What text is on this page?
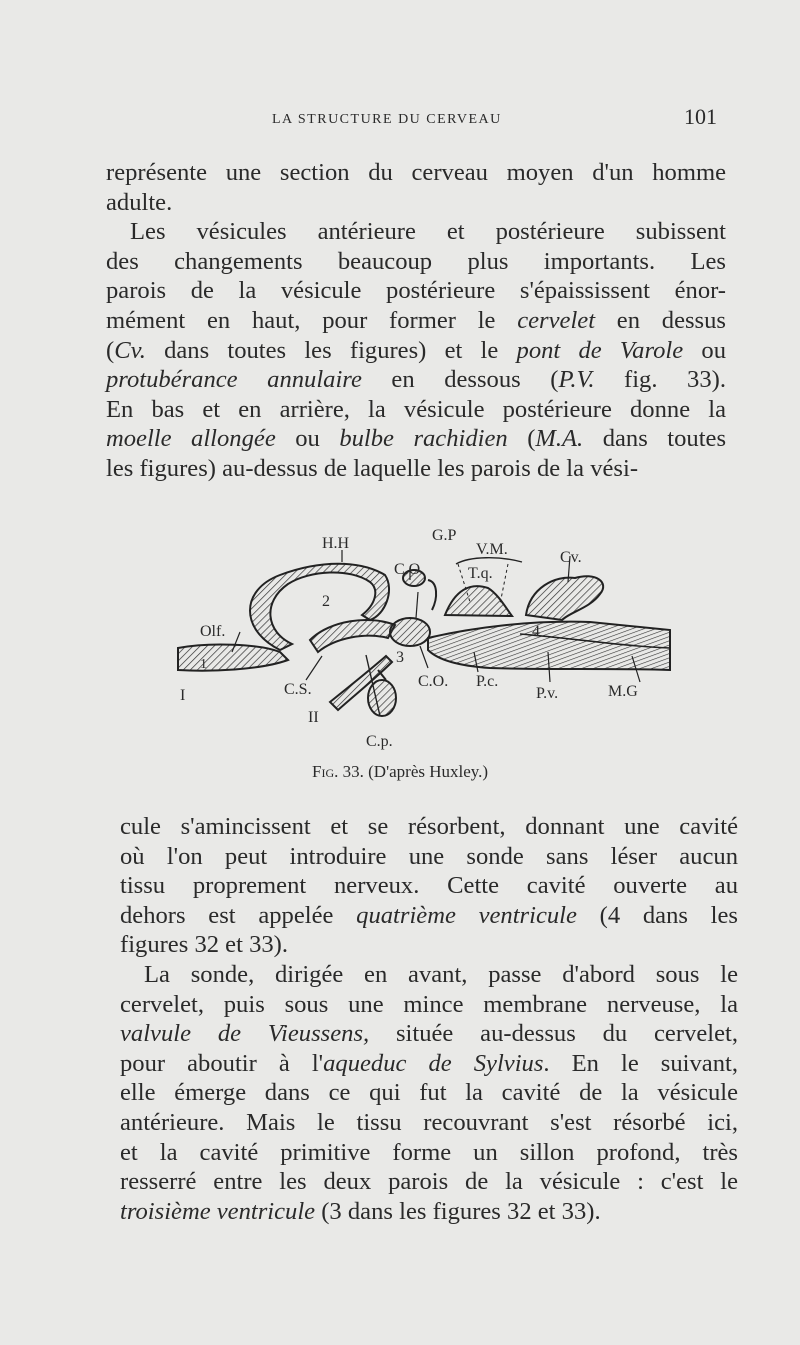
LA STRUCTURE DU CERVEAU	101
représente une section du cerveau moyen d'un homme
adulte.
Les vésicules antérieure et postérieure subissent
des changements beaucoup plus importants. Les
parois de la vésicule postérieure s'épaississent énor-
mément en haut, pour former le cervelet en dessus
(Cv. dans toutes les figures) et le pont de Varole ou
protubérance annulaire en dessous (P.V. fig. 33).
En bas et en arrière, la vésicule postérieure donne la
moelle allongée ou bulbe rachidien (M.A. dans toutes
les figures) au-dessus de laquelle les parois de la vési-
H.H	G.P
V.M.
T.q.
Cv.
C.O.
2
4
Olf.
1
I
3
C.S.
II
C.O. P.c.
P.v.	M.G
C.p.
Fig. 33. (D'après Huxley.)
cule s'amincissent et se résorbent, donnant une cavité
où l'on peut introduire une sonde sans léser aucun
tissu proprement nerveux. Cette cavité ouverte au
dehors est appelée quatrième ventricule (4 dans les
figures 32 et 33).
La sonde, dirigée en avant, passe d'abord sous le
cervelet, puis sous une mince membrane nerveuse, la
valvule de Vieussens, située au-dessus du cervelet,
pour aboutir à l'aqueduc de Sylvius. En le suivant,
elle émerge dans ce qui fut la cavité de la vésicule
antérieure. Mais le tissu recouvrant s'est résorbé ici,
et la cavité primitive forme un sillon profond, très
resserré entre les deux parois de la vésicule : c'est le
troisième ventricule (3 dans les figures 32 et 33).
